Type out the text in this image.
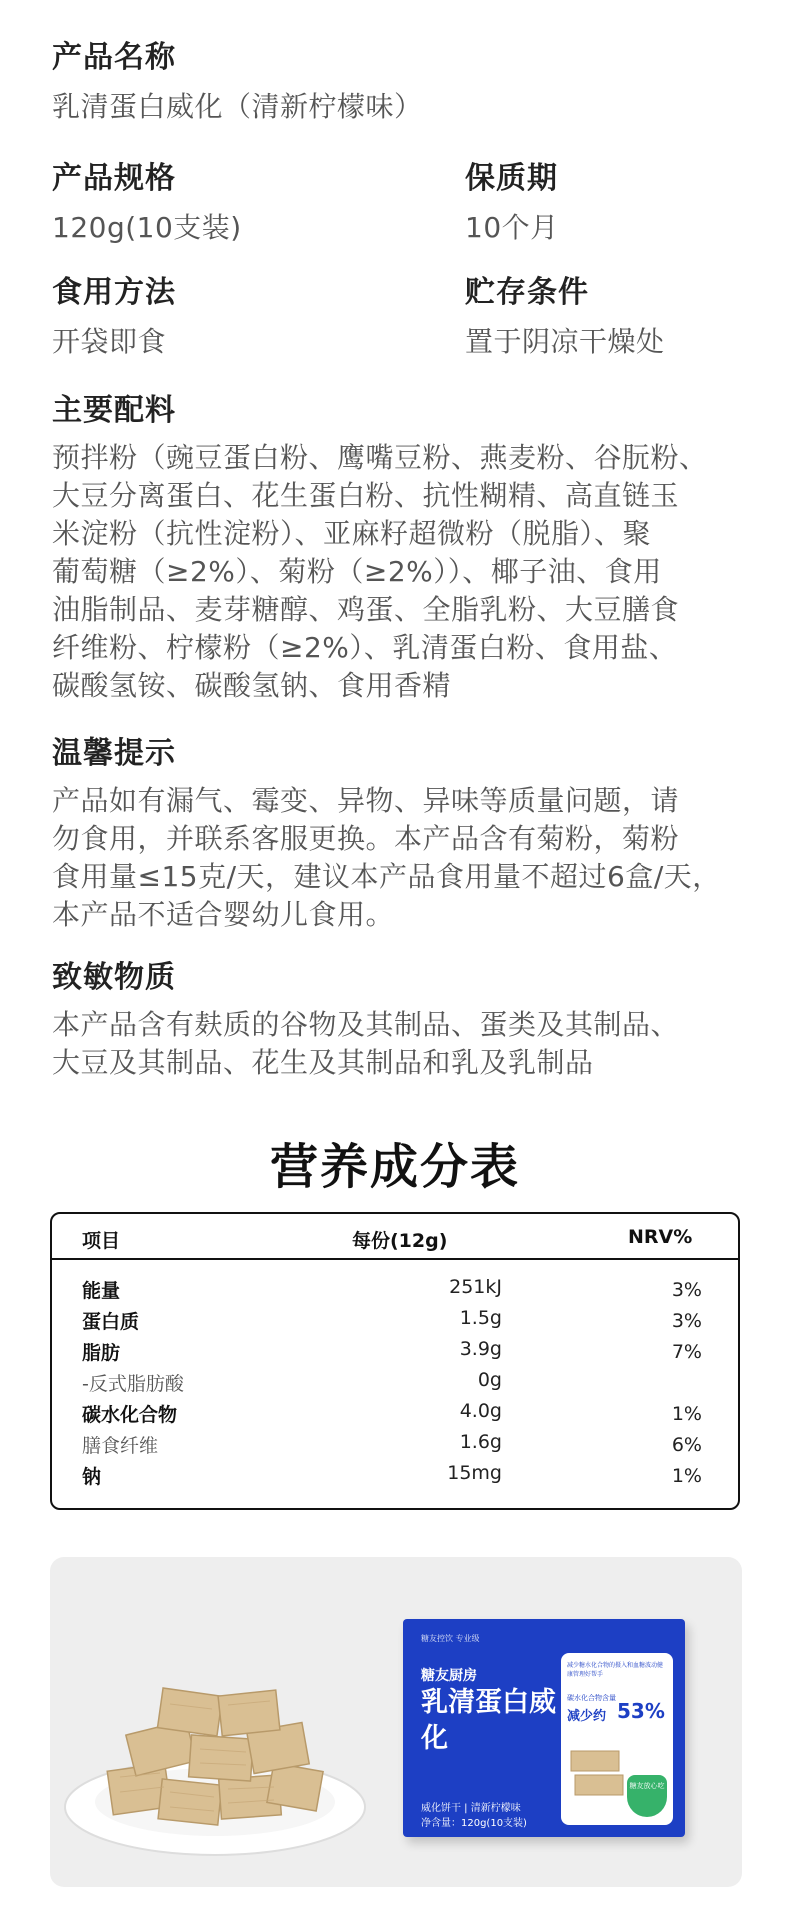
产品名称
乳清蛋白威化（清新柠檬味）
产品规格
120g(10支装)
保质期
10个月
食用方法
开袋即食
贮存条件
置于阴凉干燥处
主要配料
预拌粉（豌豆蛋白粉、鹰嘴豆粉、燕麦粉、谷朊粉、
大豆分离蛋白、花生蛋白粉、抗性糊精、高直链玉
米淀粉（抗性淀粉）、亚麻籽超微粉（脱脂）、聚
葡萄糖（≥2%）、菊粉（≥2%））、椰子油、食用
油脂制品、麦芽糖醇、鸡蛋、全脂乳粉、大豆膳食
纤维粉、柠檬粉（≥2%）、乳清蛋白粉、食用盐、
碳酸氢铵、碳酸氢钠、食用香精
温馨提示
产品如有漏气、霉变、异物、异味等质量问题，请
勿食用，并联系客服更换。本产品含有菊粉，菊粉
食用量≤15克/天，建议本产品食用量不超过6盒/天，
本产品不适合婴幼儿食用。
致敏物质
本产品含有麸质的谷物及其制品、蛋类及其制品、
大豆及其制品、花生及其制品和乳及乳制品
营养成分表
项目	每份(12g)	NRV%
能量	251kJ	3%
蛋白质	1.5g	3%
脂肪	3.9g	7%
-反式脂肪酸	0g
碳水化合物	4.0g	1%
膳食纤维	1.6g	6%
钠	15mg	1%
糖友控饮 专业级
糖友厨房
乳清蛋白威化
威化饼干 | 清新柠檬味
净含量：120g(10支装)
减少糖水化合物的摄入和血糖波动健康管理好帮手
碳水化合物含量
减少约 53%
糖友放心吃
